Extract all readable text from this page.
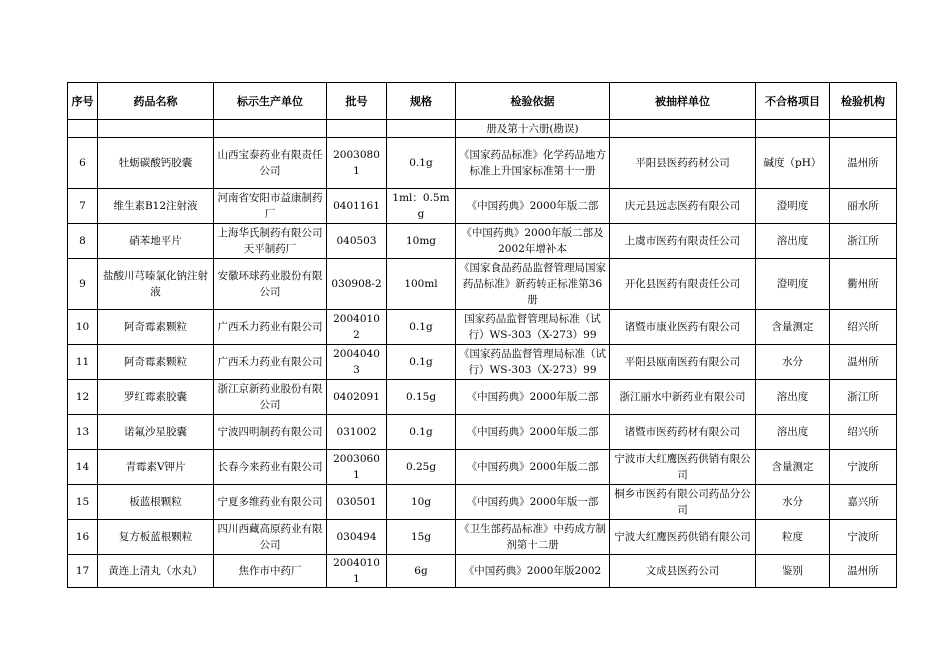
序号	药品名称	标示生产单位	批号	规格	检验依据	被抽样单位	不合格项目	检验机构
					册及第十六册(勘误)			
6	牡蛎碳酸钙胶囊	山西宝泰药业有限责任公司	20030801	0.1g	《国家药品标准》化学药品地方标准上升国家标准第十一册	平阳县医药药材公司	碱度（pH）	温州所
7	维生素B12注射液	河南省安阳市益康制药厂	0401161	1ml：0.5mg	《中国药典》2000年版二部	庆元县远志医药有限公司	澄明度	丽水所
8	硝苯地平片	上海华氏制药有限公司天平制药厂	040503	10mg	《中国药典》2000年版二部及2002年增补本	上虞市医药有限责任公司	溶出度	浙江所
9	盐酸川芎嗪氯化钠注射液	安徽环球药业股份有限公司	030908-2	100ml	《国家食品药品监督管理局国家药品标准》新药转正标准第36册	开化县医药有限责任公司	澄明度	衢州所
10	阿奇霉素颗粒	广西禾力药业有限公司	20040102	0.1g	国家药品监督管理局标准（试行）WS-303（X-273）99	诸暨市康业医药有限公司	含量测定	绍兴所
11	阿奇霉素颗粒	广西禾力药业有限公司	20040403	0.1g	《国家药品监督管理局标准（试行）WS-303（X-273）99	平阳县瓯南医药有限公司	水分	温州所
12	罗红霉素胶囊	浙江京新药业股份有限公司	0402091	0.15g	《中国药典》2000年版二部	浙江丽水中新药业有限公司	溶出度	浙江所
13	诺氟沙星胶囊	宁波四明制药有限公司	031002	0.1g	《中国药典》2000年版二部	诸暨市医药药材有限公司	溶出度	绍兴所
14	青霉素V钾片	长春今来药业有限公司	20030601	0.25g	《中国药典》2000年版二部	宁波市大红鹰医药供销有限公司	含量测定	宁波所
15	板蓝根颗粒	宁夏多维药业有限公司	030501	10g	《中国药典》2000年版一部	桐乡市医药有限公司药品分公司	水分	嘉兴所
16	复方板蓝根颗粒	四川西藏高原药业有限公司	030494	15g	《卫生部药品标准》中药成方制剂第十二册	宁波大红鹰医药供销有限公司	粒度	宁波所
17	黄连上清丸（水丸）	焦作市中药厂	20040101	6g	《中国药典》2000年版2002	文成县医药公司	鉴别	温州所
